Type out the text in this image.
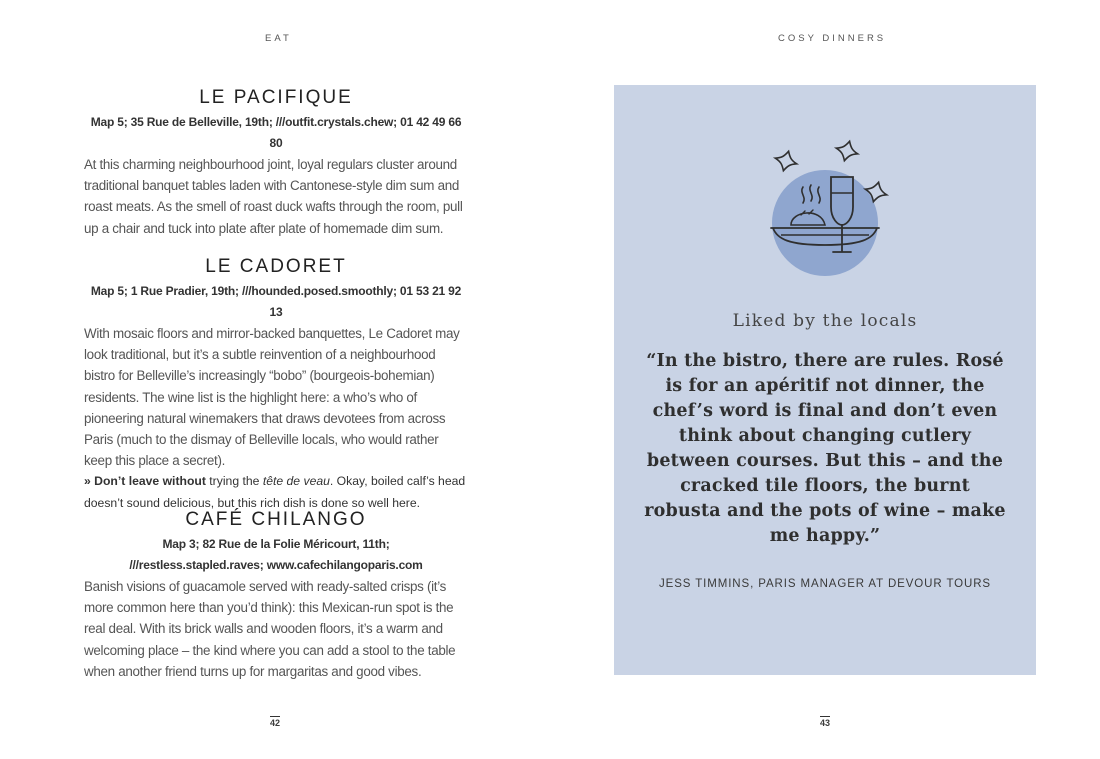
EAT	COSY DINNERS
LE PACIFIQUE
Map 5; 35 Rue de Belleville, 19th; ///outfit.crystals.chew; 01 42 49 66 80

At this charming neighbourhood joint, loyal regulars cluster around traditional banquet tables laden with Cantonese-style dim sum and roast meats. As the smell of roast duck wafts through the room, pull up a chair and tuck into plate after plate of homemade dim sum.

LE CADORET
Map 5; 1 Rue Pradier, 19th; ///hounded.posed.smoothly; 01 53 21 92 13

With mosaic floors and mirror-backed banquettes, Le Cadoret may look traditional, but it’s a subtle reinvention of a neighbourhood bistro for Belleville’s increasingly “bobo” (bourgeois-bohemian) residents. The wine list is the highlight here: a who’s who of pioneering natural winemakers that draws devotees from across Paris (much to the dismay of Belleville locals, who would rather keep this place a secret).

» Don’t leave without trying the tête de veau. Okay, boiled calf’s head doesn’t sound delicious, but this rich dish is done so well here.
CAFÉ CHILANGO
Map 3; 82 Rue de la Folie Méricourt, 11th;
///restless.stapled.raves; www.cafechilangoparis.com

Banish visions of guacamole served with ready-salted crisps (it’s more common here than you’d think): this Mexican-run spot is the real deal. With its brick walls and wooden floors, it’s a warm and welcoming place – the kind where you can add a stool to the table when another friend turns up for margaritas and good vibes.

42
Liked by the locals

“In the bistro, there are rules. Rosé is for an apéritif not dinner, the chef’s word is final and don’t even think about changing cutlery between courses. But this – and the cracked tile floors, the burnt robusta and the pots of wine – make me happy.”

JESS TIMMINS, PARIS MANAGER AT DEVOUR TOURS
43
